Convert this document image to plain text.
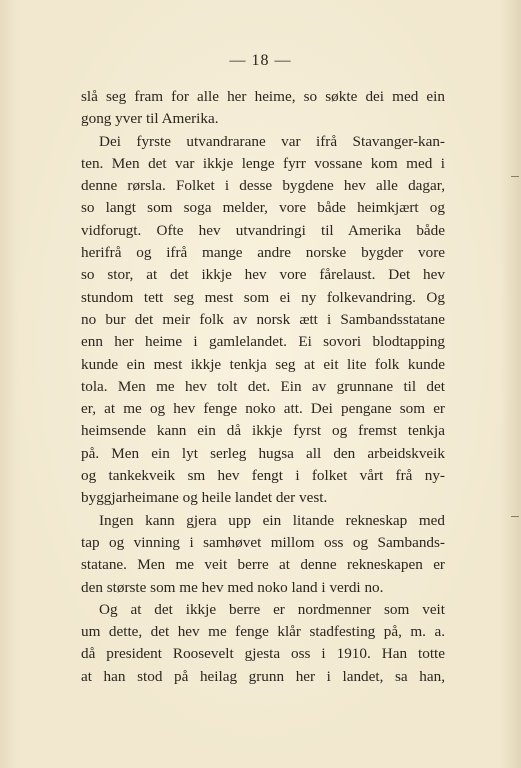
— 18 —
slå seg fram for alle her heime, so søkte dei med ein
gong yver til Amerika.
Dei fyrste utvandrarane var ifrå Stavanger-kan-
ten. Men det var ikkje lenge fyrr vossane kom med i
denne rørsla. Folket i desse bygdene hev alle dagar,
so langt som soga melder, vore både heimkjært og
vidforugt. Ofte hev utvandringi til Amerika både
herifrå og ifrå mange andre norske bygder vore
so stor, at det ikkje hev vore fårelaust. Det hev
stundom tett seg mest som ei ny folkevandring. Og
no bur det meir folk av norsk ætt i Sambandsstatane
enn her heime i gamlelandet. Ei sovori blodtapping
kunde ein mest ikkje tenkja seg at eit lite folk kunde
tola. Men me hev tolt det. Ein av grunnane til det
er, at me og hev fenge noko att. Dei pengane som er
heimsende kann ein då ikkje fyrst og fremst tenkja
på. Men ein lyt serleg hugsa all den arbeidskveik
og tankekveik sm hev fengt i folket vårt frå ny-
byggjarheimane og heile landet der vest.
Ingen kann gjera upp ein litande rekneskap med
tap og vinning i samhøvet millom oss og Sambands-
statane. Men me veit berre at denne rekneskapen er
den største som me hev med noko land i verdi no.
Og at det ikkje berre er nordmenner som veit
um dette, det hev me fenge klår stadfesting på, m. a.
då president Roosevelt gjesta oss i 1910. Han totte
at han stod på heilag grunn her i landet, sa han,
